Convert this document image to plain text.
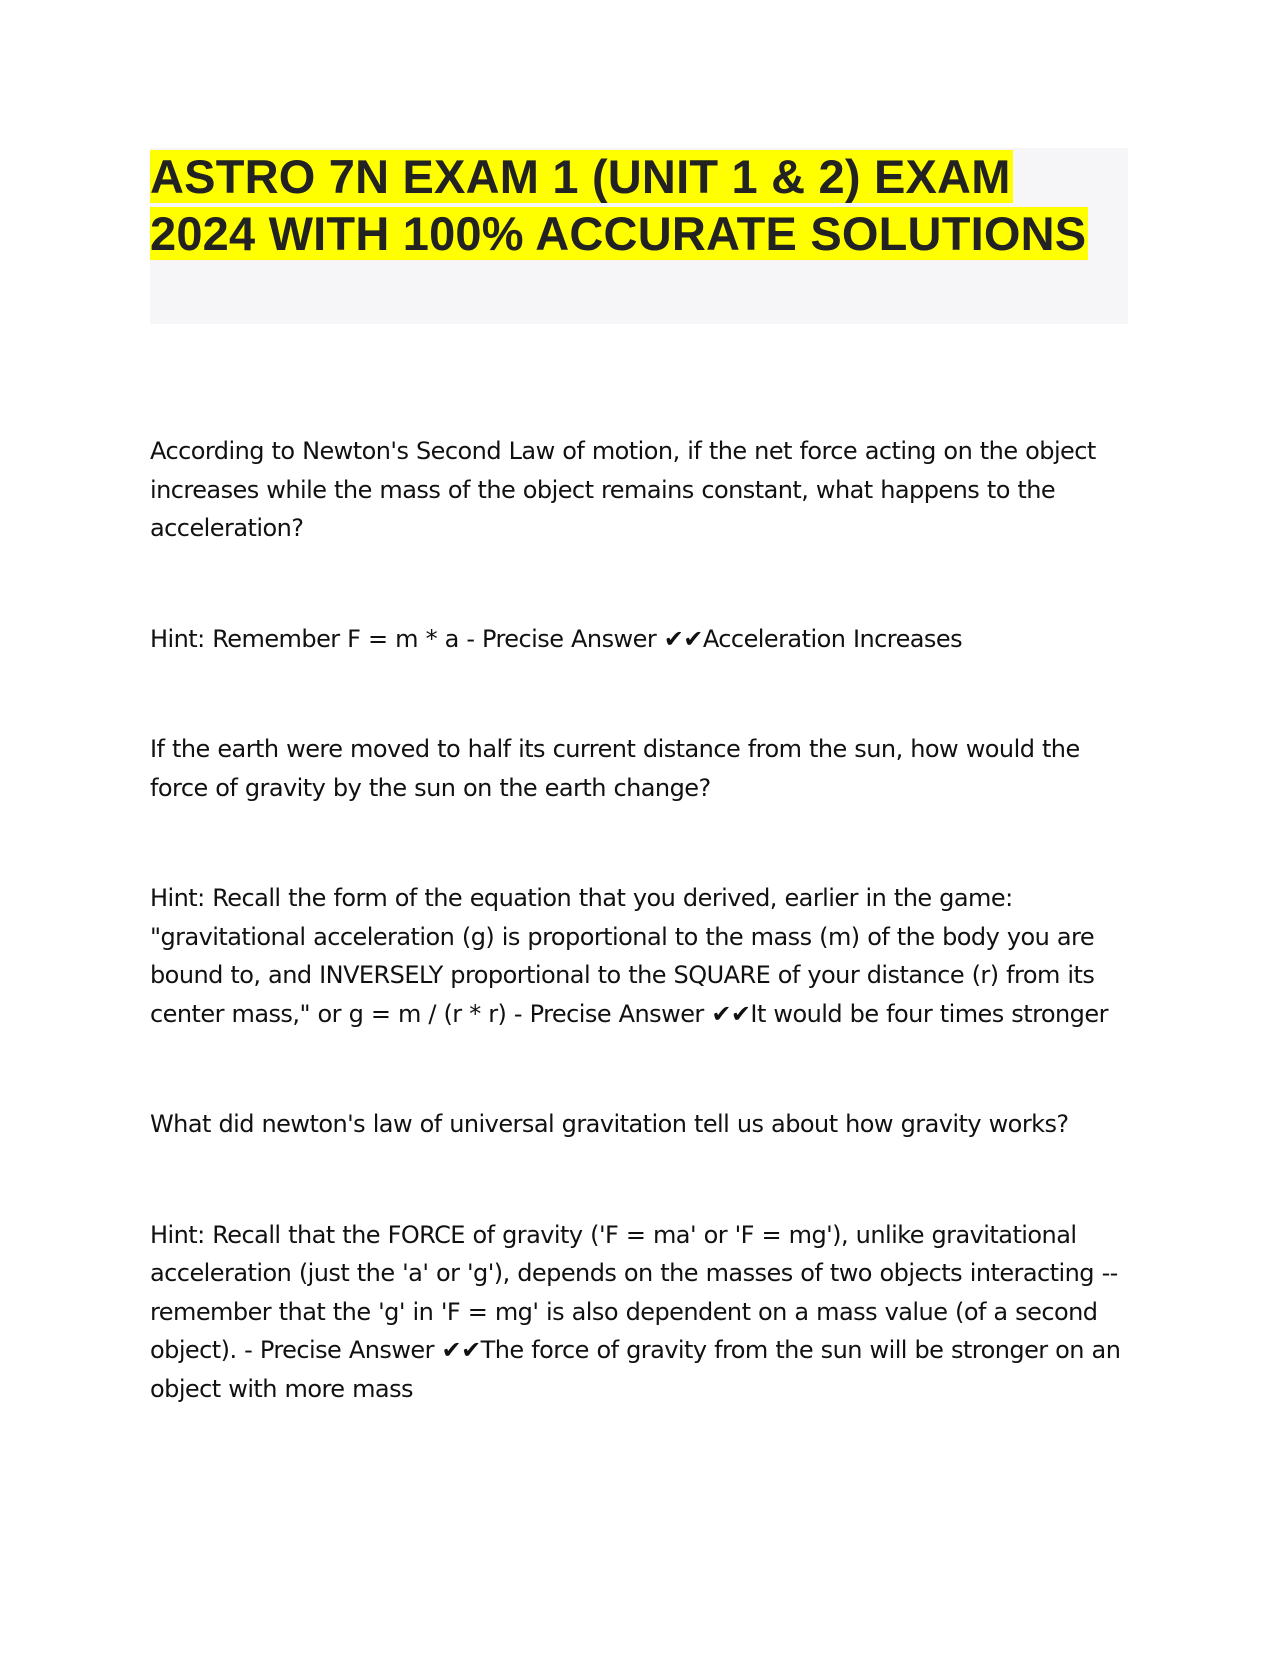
ASTRO 7N EXAM 1 (UNIT 1 & 2) EXAM 2024 WITH 100% ACCURATE SOLUTIONS

According to Newton's Second Law of motion, if the net force acting on the object increases while the mass of the object remains constant, what happens to the acceleration?

Hint: Remember F = m * a - Precise Answer ✔✔Acceleration Increases

If the earth were moved to half its current distance from the sun, how would the force of gravity by the sun on the earth change?

Hint: Recall the form of the equation that you derived, earlier in the game: "gravitational acceleration (g) is proportional to the mass (m) of the body you are bound to, and INVERSELY proportional to the SQUARE of your distance (r) from its center mass," or g = m / (r * r) - Precise Answer ✔✔It would be four times stronger

What did newton's law of universal gravitation tell us about how gravity works?

Hint: Recall that the FORCE of gravity ('F = ma' or 'F = mg'), unlike gravitational acceleration (just the 'a' or 'g'), depends on the masses of two objects interacting -- remember that the 'g' in 'F = mg' is also dependent on a mass value (of a second object). - Precise Answer ✔✔The force of gravity from the sun will be stronger on an object with more mass
